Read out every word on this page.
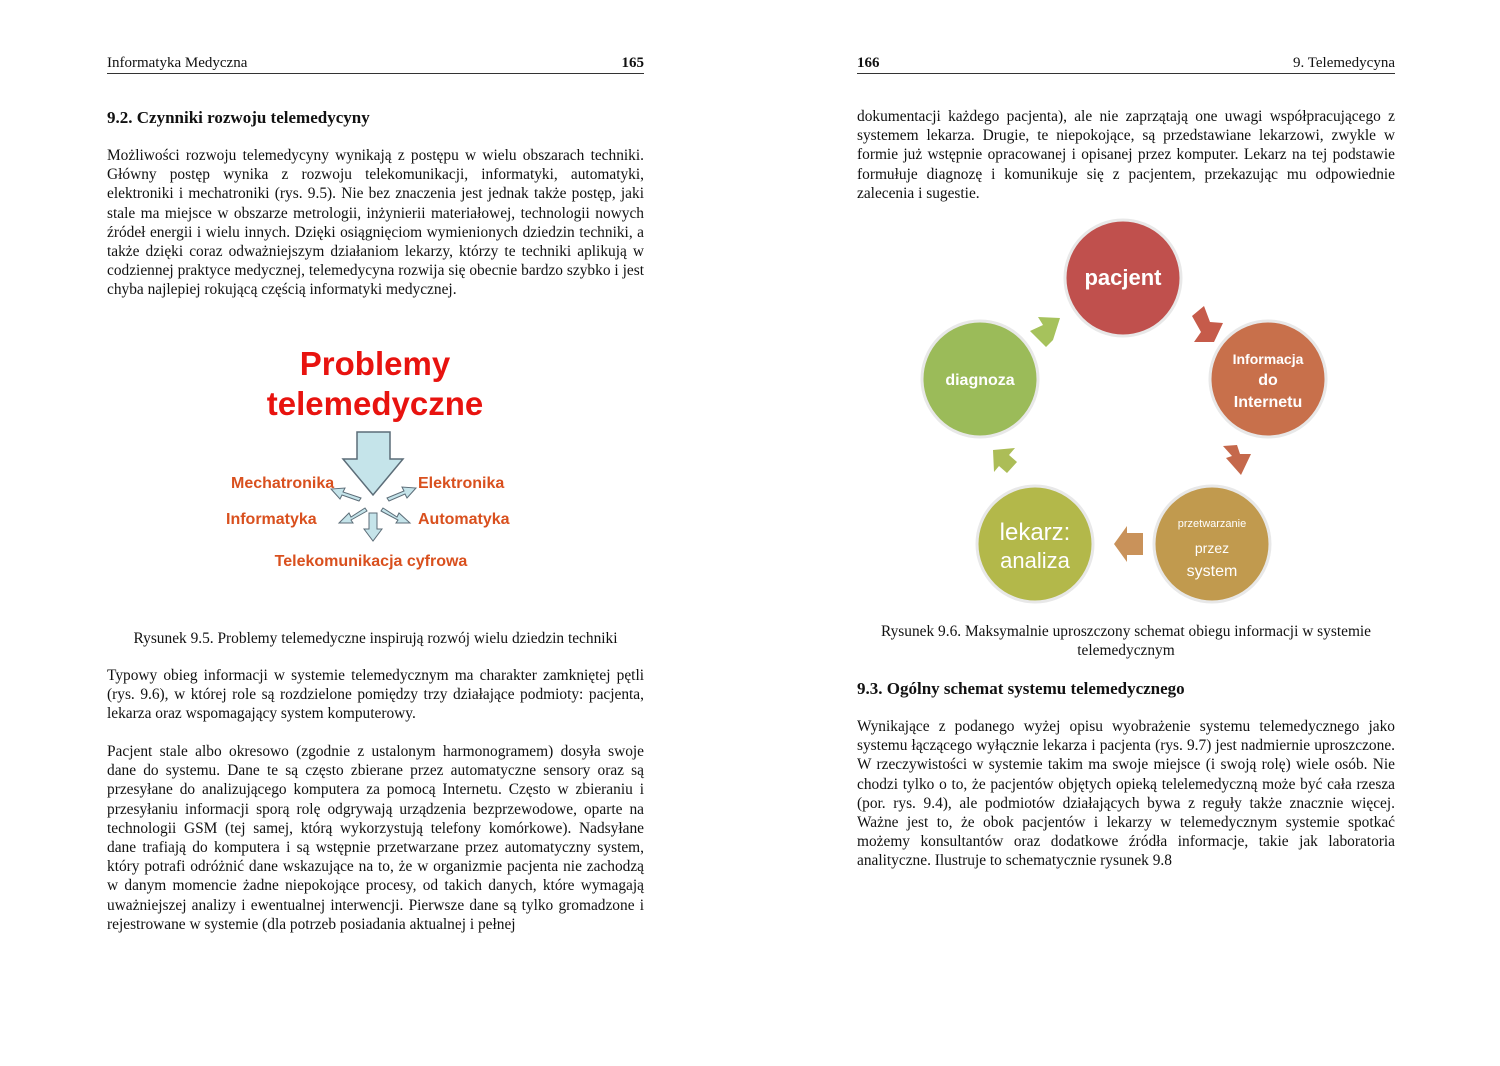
Informatyka Medyczna	165
9.2. Czynniki rozwoju telemedycyny

Możliwości rozwoju telemedycyny wynikają z postępu w wielu obszarach techniki. Główny postęp wynika z rozwoju telekomunikacji, informatyki, automatyki, elektroniki i mechatroniki (rys. 9.5). Nie bez znaczenia jest jednak także postęp, jaki stale ma miejsce w obszarze metrologii, inżynierii materiałowej, technologii nowych źródeł energii i wielu innych. Dzięki osiągnięciom wymienionych dziedzin techniki, a także dzięki coraz odważniejszym działaniom lekarzy, którzy te techniki aplikują w codziennej praktyce medycznej, telemedycyna rozwija się obecnie bardzo szybko i jest chyba najlepiej rokującą częścią informatyki medycznej.

Problemy
telemedyczne
Mechatronika	Elektronika
Informatyka	Automatyka
Telekomunikacja cyfrowa

Rysunek 9.5. Problemy telemedyczne inspirują rozwój wielu dziedzin techniki

Typowy obieg informacji w systemie telemedycznym ma charakter zamkniętej pętli (rys. 9.6), w której role są rozdzielone pomiędzy trzy działające podmioty: pacjenta, lekarza oraz wspomagający system komputerowy.

Pacjent stale albo okresowo (zgodnie z ustalonym harmonogramem) dosyła swoje dane do systemu. Dane te są często zbierane przez automatyczne sensory oraz są przesyłane do analizującego komputera za pomocą Internetu. Często w zbieraniu i przesyłaniu informacji sporą rolę odgrywają urządzenia bezprzewodowe, oparte na technologii GSM (tej samej, którą wykorzystują telefony komórkowe). Nadsyłane dane trafiają do komputera i są wstępnie przetwarzane przez automatyczny system, który potrafi odróżnić dane wskazujące na to, że w organizmie pacjenta nie zachodzą w danym momencie żadne niepokojące procesy, od takich danych, które wymagają uważniejszej analizy i ewentualnej interwencji. Pierwsze dane są tylko gromadzone i rejestrowane w systemie (dla potrzeb posiadania aktualnej i pełnej

166	9. Telemedycyna

dokumentacji każdego pacjenta), ale nie zaprzątają one uwagi współpracującego z systemem lekarza. Drugie, te niepokojące, są przedstawiane lekarzowi, zwykle w formie już wstępnie opracowanej i opisanej przez komputer. Lekarz na tej podstawie formułuje diagnozę i komunikuje się z pacjentem, przekazując mu odpowiednie zalecenia i sugestie.

pacjent
Informacja
do
Internetu
przetwarzanie
przez
system
lekarz:
analiza
diagnoza

Rysunek 9.6. Maksymalnie uproszczony schemat obiegu informacji w systemie

telemedycznym

9.3. Ogólny schemat systemu telemedycznego

Wynikające z podanego wyżej opisu wyobrażenie systemu telemedycznego jako systemu łączącego wyłącznie lekarza i pacjenta (rys. 9.7) jest nadmiernie uproszczone. W rzeczywistości w systemie takim ma swoje miejsce (i swoją rolę) wiele osób. Nie chodzi tylko o to, że pacjentów objętych opieką telelemedyczną może być cała rzesza (por. rys. 9.4), ale podmiotów działających bywa z reguły także znacznie więcej. Ważne jest to, że obok pacjentów i lekarzy w telemedycznym systemie spotkać możemy konsultantów oraz dodatkowe źródła informacje, takie jak laboratoria analityczne. Ilustruje to schematycznie rysunek 9.8
